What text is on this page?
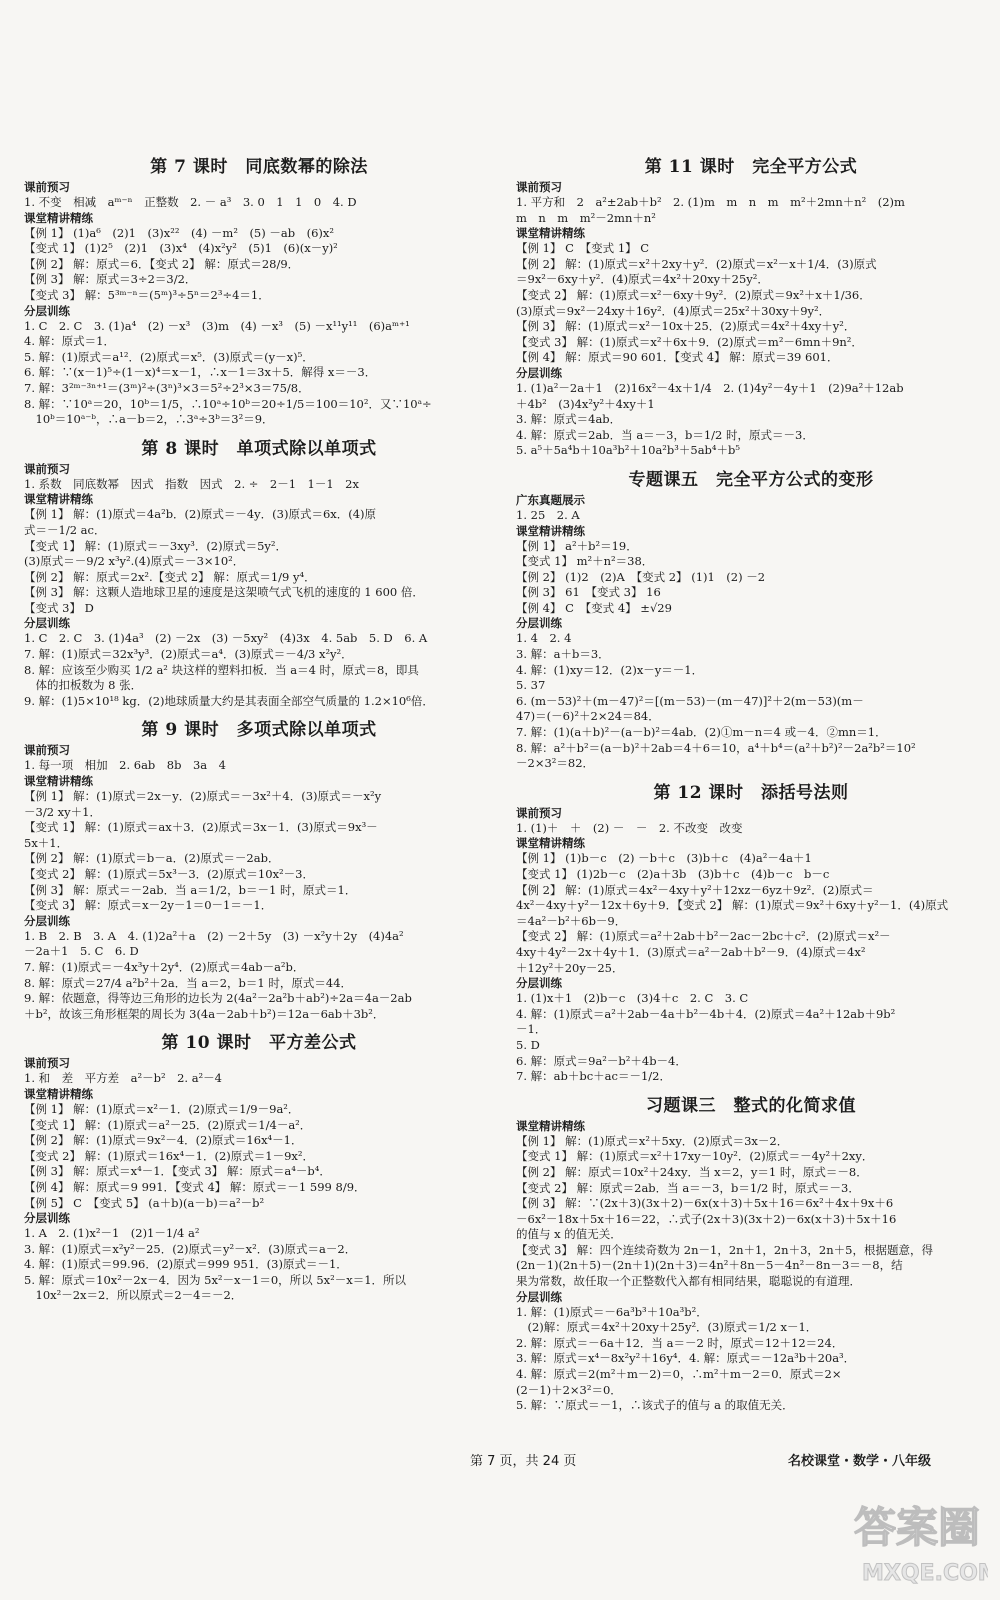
第 7 课时　同底数幂的除法
课前预习
1. 不变　相减　aᵐ⁻ⁿ　正整数　2. － a³　3. 0　1　1　0　4. D
课堂精讲精练
【例 1】 (1)a⁶　(2)1　(3)x²²　(4) －m²　(5) －ab　(6)x²
【变式 1】 (1)2⁵　(2)1　(3)x⁴　(4)x²y²　(5)1　(6)(x－y)²
【例 2】 解：原式＝6．【变式 2】 解：原式＝28/9．
【例 3】 解：原式＝3÷2＝3/2．
【变式 3】 解：5³ᵐ⁻ⁿ＝(5ᵐ)³÷5ⁿ＝2³÷4＝1．
分层训练
1. C　2. C　3. (1)a⁴　(2) －x³　(3)m　(4) －x³　(5) －x¹¹y¹¹　(6)aᵐ⁺¹
4. 解：原式＝1．
5. 解：(1)原式＝a¹²．(2)原式＝x⁵．(3)原式＝(y－x)⁵．
6. 解：∵(x－1)⁵÷(1－x)⁴＝x－1，∴x－1＝3x＋5．解得 x＝－3．
7. 解：3²ᵐ⁻³ⁿ⁺¹＝(3ᵐ)²÷(3ⁿ)³×3＝5²÷2³×3＝75/8．
8. 解：∵10ᵃ＝20，10ᵇ＝1/5，∴10ᵃ÷10ᵇ＝20÷1/5＝100＝10²．又∵10ᵃ÷
　10ᵇ＝10ᵃ⁻ᵇ，∴a－b＝2，∴3ᵃ÷3ᵇ＝3²＝9．
第 8 课时　单项式除以单项式
课前预习
1. 系数　同底数幂　因式　指数　因式　2. ÷　2－1　1－1　2x
课堂精讲精练
【例 1】 解：(1)原式＝4a²b．(2)原式＝－4y．(3)原式＝6x．(4)原
式＝－1/2 ac．
【变式 1】 解：(1)原式＝－3xy³．(2)原式＝5y²．
(3)原式＝－9/2 x³y².(4)原式＝－3×10²．
【例 2】 解：原式＝2x².【变式 2】 解：原式＝1/9 y⁴．
【例 3】 解：这颗人造地球卫星的速度是这架喷气式飞机的速度的 1 600 倍．
【变式 3】 D
分层训练
1. C　2. C　3. (1)4a³　(2) －2x　(3) －5xy²　(4)3x　4. 5ab　5. D　6. A
7. 解：(1)原式＝32x³y³．(2)原式＝a⁴．(3)原式＝－4/3 x²y²．
8. 解：应该至少购买 1/2 a² 块这样的塑料扣板．当 a＝4 时，原式＝8，即具
　体的扣板数为 8 张．
9. 解：(1)5×10¹⁸ kg．(2)地球质量大约是其表面全部空气质量的 1.2×10⁶倍．
第 9 课时　多项式除以单项式
课前预习
1. 每一项　相加　2. 6ab　8b　3a　4
课堂精讲精练
【例 1】 解：(1)原式＝2x－y．(2)原式＝－3x²＋4．(3)原式＝－x²y
－3/2 xy＋1．
【变式 1】 解：(1)原式＝ax＋3．(2)原式＝3x－1．(3)原式＝9x³－
5x＋1．
【例 2】 解：(1)原式＝b－a．(2)原式＝－2ab．
【变式 2】 解：(1)原式＝5x³－3．(2)原式＝10x²－3．
【例 3】 解：原式＝－2ab．当 a＝1/2，b＝－1 时，原式＝1．
【变式 3】 解：原式＝x－2y－1＝0－1＝－1．
分层训练
1. B　2. B　3. A　4. (1)2a²＋a　(2) －2＋5y　(3) －x²y＋2y　(4)4a²
－2a＋1　5. C　6. D
7. 解：(1)原式＝－4x³y＋2y⁴．(2)原式＝4ab－a²b．
8. 解：原式＝27/4 a²b²＋2a．当 a＝2，b＝1 时，原式＝44．
9. 解：依题意，得等边三角形的边长为 2(4a²－2a²b＋ab²)÷2a＝4a－2ab
＋b²，故该三角形框架的周长为 3(4a－2ab＋b²)＝12a－6ab＋3b²．
第 10 课时　平方差公式
课前预习
1. 和　差　平方差　a²－b²　2. a²－4
课堂精讲精练
【例 1】 解：(1)原式＝x²－1．(2)原式＝1/9－9a²．
【变式 1】 解：(1)原式＝a²－25．(2)原式＝1/4－a²．
【例 2】 解：(1)原式＝9x²－4．(2)原式＝16x⁴－1．
【变式 2】 解：(1)原式＝16x⁴－1．(2)原式＝1－9x²．
【例 3】 解：原式＝x⁴－1．【变式 3】 解：原式＝a⁴－b⁴．
【例 4】 解：原式＝9 991．【变式 4】 解：原式＝－1 599 8/9．
【例 5】 C　【变式 5】 (a＋b)(a－b)＝a²－b²
分层训练
1. A　2. (1)x²－1　(2)1－1/4 a²
3. 解：(1)原式＝x²y²－25．(2)原式＝y²－x²．(3)原式＝a－2．
4. 解：(1)原式＝99.96．(2)原式＝999 951．(3)原式＝－1．
5. 解：原式＝10x²－2x－4．因为 5x²－x－1＝0，所以 5x²－x＝1．所以
　10x²－2x＝2．所以原式＝2－4＝－2．
第 11 课时　完全平方公式
课前预习
1. 平方和　2　a²±2ab＋b²　2. (1)m　m　n　m　m²＋2mn＋n²　(2)m
m　n　m　m²－2mn＋n²
课堂精讲精练
【例 1】 C　【变式 1】 C
【例 2】 解：(1)原式＝x²＋2xy＋y²．(2)原式＝x²－x＋1/4．(3)原式
＝9x²－6xy＋y²．(4)原式＝4x²＋20xy＋25y²．
【变式 2】 解：(1)原式＝x²－6xy＋9y²．(2)原式＝9x²＋x＋1/36．
(3)原式＝9x²－24xy＋16y²．(4)原式＝25x²＋30xy＋9y²．
【例 3】 解：(1)原式＝x²－10x＋25．(2)原式＝4x²＋4xy＋y²．
【变式 3】 解：(1)原式＝x²＋6x＋9．(2)原式＝m²－6mn＋9n²．
【例 4】 解：原式＝90 601．【变式 4】 解：原式＝39 601．
分层训练
1. (1)a²－2a＋1　(2)16x²－4x＋1/4　2. (1)4y²－4y＋1　(2)9a²＋12ab
＋4b²　(3)4x²y²＋4xy＋1
3. 解：原式＝4ab．
4. 解：原式＝2ab．当 a＝－3，b＝1/2 时，原式＝－3．
5. a⁵＋5a⁴b＋10a³b²＋10a²b³＋5ab⁴＋b⁵
专题课五　完全平方公式的变形
广东真题展示
1. 25　2. A
课堂精讲精练
【例 1】 a²＋b²＝19．
【变式 1】 m²＋n²＝38．
【例 2】 (1)2　(2)A　【变式 2】 (1)1　(2) －2
【例 3】 61　【变式 3】 16
【例 4】 C　【变式 4】 ±√29
分层训练
1. 4　2. 4
3. 解：a＋b＝3．
4. 解：(1)xy＝12．(2)x－y＝－1．
5. 37
6. (m－53)²＋(m－47)²＝[(m－53)－(m－47)]²＋2(m－53)(m－
47)＝(－6)²＋2×24＝84．
7. 解：(1)(a＋b)²－(a－b)²＝4ab．(2)①m－n＝4 或－4．②mn＝1．
8. 解：a²＋b²＝(a－b)²＋2ab＝4＋6＝10，a⁴＋b⁴＝(a²＋b²)²－2a²b²＝10²
－2×3²＝82．
第 12 课时　添括号法则
课前预习
1. (1)＋　＋　(2) －　－　2. 不改变　改变
课堂精讲精练
【例 1】 (1)b－c　(2) －b＋c　(3)b＋c　(4)a²－4a＋1
【变式 1】 (1)2b－c　(2)a＋3b　(3)b＋c　(4)b－c　b－c
【例 2】 解：(1)原式＝4x²－4xy＋y²＋12xz－6yz＋9z²．(2)原式＝
4x²－4xy＋y²－12x＋6y＋9．【变式 2】 解：(1)原式＝9x²＋6xy＋y²－1．(4)原式
＝4a²－b²＋6b－9．
【变式 2】 解：(1)原式＝a²＋2ab＋b²－2ac－2bc＋c²．(2)原式＝x²－
4xy＋4y²－2x＋4y＋1．(3)原式＝a²－2ab＋b²－9．(4)原式＝4x²
＋12y²＋20y－25．
分层训练
1. (1)x＋1　(2)b－c　(3)4＋c　2. C　3. C
4. 解：(1)原式＝a²＋2ab－4a＋b²－4b＋4．(2)原式＝4a²＋12ab＋9b²
－1．
5. D
6. 解：原式＝9a²－b²＋4b－4．
7. 解：ab＋bc＋ac＝－1/2．
习题课三　整式的化简求值
课堂精讲精练
【例 1】 解：(1)原式＝x²＋5xy．(2)原式＝3x－2．
【变式 1】 解：(1)原式＝x²＋17xy－10y²．(2)原式＝－4y²＋2xy．
【例 2】 解：原式＝10x²＋24xy．当 x＝2，y＝1 时，原式＝－8．
【变式 2】 解：原式＝2ab．当 a＝－3，b＝1/2 时，原式＝－3．
【例 3】 解：∵(2x＋3)(3x＋2)－6x(x＋3)＋5x＋16＝6x²＋4x＋9x＋6
－6x²－18x＋5x＋16＝22，∴式子(2x＋3)(3x＋2)－6x(x＋3)＋5x＋16
的值与 x 的值无关．
【变式 3】 解：四个连续奇数为 2n－1，2n＋1，2n＋3，2n＋5，根据题意，得
(2n－1)(2n＋5)－(2n＋1)(2n＋3)＝4n²＋8n－5－4n²－8n－3＝－8，结
果为常数，故任取一个正整数代入都有相同结果，聪聪说的有道理．
分层训练
1. 解：(1)原式＝－6a³b³＋10a³b²．
　(2)解：原式＝4x²＋20xy＋25y²．(3)原式＝1/2 x－1．
2. 解：原式＝－6a＋12．当 a＝－2 时，原式＝12＋12＝24．
3. 解：原式＝x⁴－8x²y²＋16y⁴．4. 解：原式＝－12a³b＋20a³．
4. 解：原式＝2(m²＋m－2)＝0，∴m²＋m－2＝0．原式＝2×
(2－1)＋2×3²＝0．
5. 解：∵原式＝－1，∴该式子的值与 a 的取值无关．
第 7 页，共 24 页	名校课堂・数学・八年级
答案圈
MXQE.COM
